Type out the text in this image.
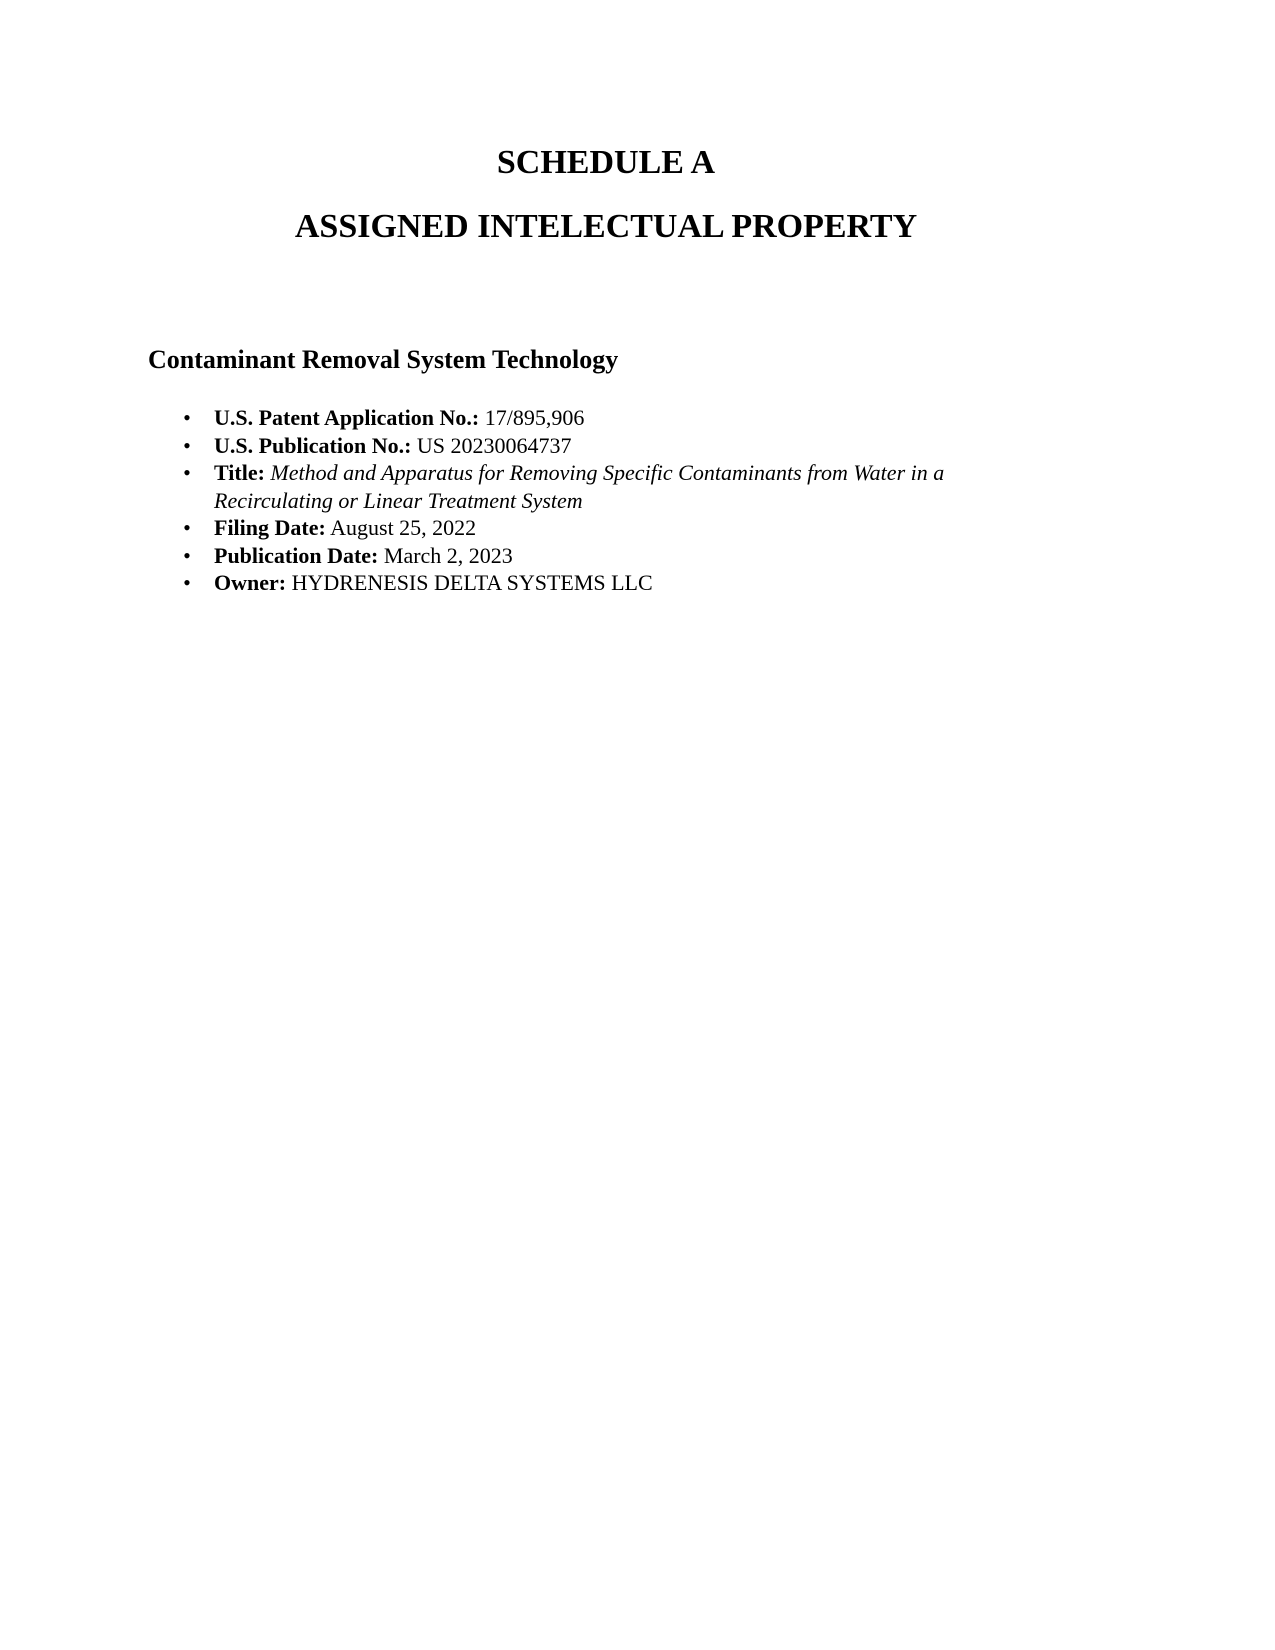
SCHEDULE A
ASSIGNED INTELECTUAL PROPERTY
Contaminant Removal System Technology
• U.S. Patent Application No.: 17/895,906
• U.S. Publication No.: US 20230064737
• Title: Method and Apparatus for Removing Specific Contaminants from Water in a Recirculating or Linear Treatment System
• Filing Date: August 25, 2022
• Publication Date: March 2, 2023
• Owner: HYDRENESIS DELTA SYSTEMS LLC
